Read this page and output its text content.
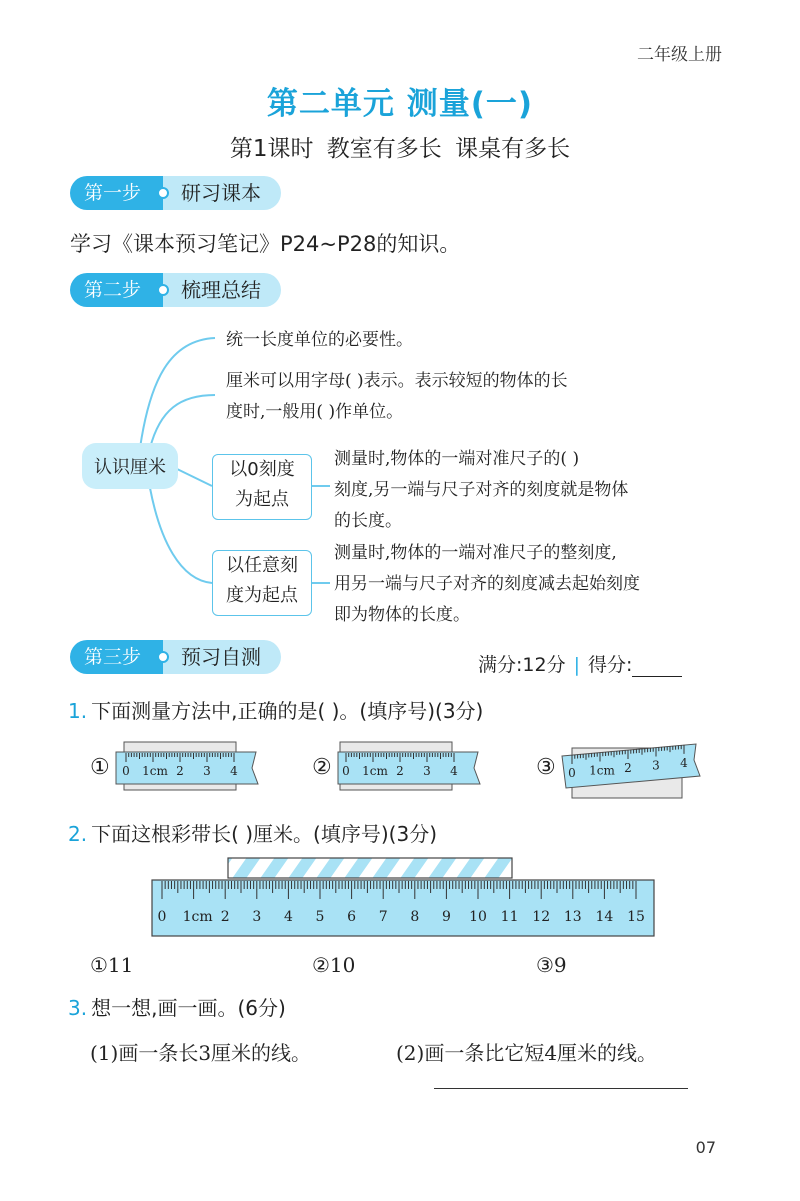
二年级上册
第二单元 测量(一)
第1课时 教室有多长 课桌有多长
第一步	研习课本
学习《课本预习笔记》P24~P28的知识。
第二步	梳理总结
认识厘米
统一长度单位的必要性。
厘米可以用字母( )表示。表示较短的物体的长
度时,一般用( )作单位。
以0刻度
为起点
测量时,物体的一端对准尺子的( )
刻度,另一端与尺子对齐的刻度就是物体
的长度。
以任意刻
度为起点
测量时,物体的一端对准尺子的整刻度,
用另一端与尺子对齐的刻度减去起始刻度
即为物体的长度。
第三步	预习自测	满分:12分 | 得分:
1. 下面测量方法中,正确的是( )。(填序号)(3分)
①	②	③
0 1cm 2 3 4	0 1cm 2 3 4	0 1cm 2 3 4
2. 下面这根彩带长( )厘米。(填序号)(3分)
0 1cm 2 3 4 5 6 7 8 9 10 11 12 13 14 15
①11	②10	③9
3. 想一想,画一画。(6分)
(1)画一条长3厘米的线。	(2)画一条比它短4厘米的线。
07
